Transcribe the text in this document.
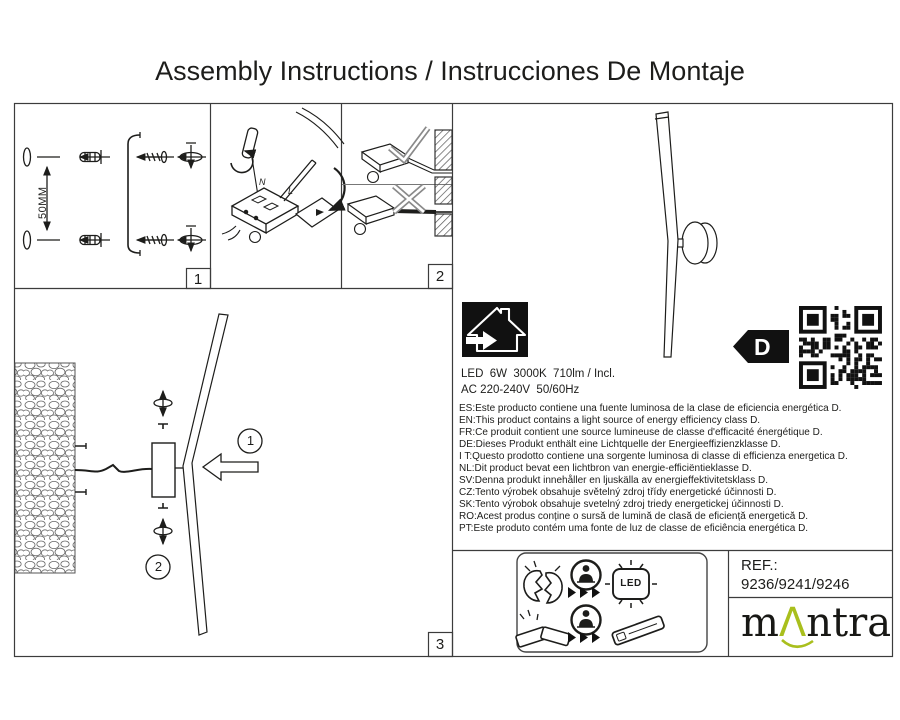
Assembly Instructions / Instrucciones De Montaje
50MM
1	2
3
N
L
1
2
LED  6W  3000K  710lm / Incl.
AC 220-240V  50/60Hz
ES:Este producto contiene una fuente luminosa de la clase de eficiencia energética D.
EN:This product contains a light source of energy efficiency class D.
FR:Ce produit contient une source lumineuse de classe d'efficacité énergétique D.
DE:Dieses Produkt enthält eine Lichtquelle der Energieeffizienzklasse D.
I T:Questo prodotto contiene una sorgente luminosa di classe di efficienza energetica D.
NL:Dit product bevat een lichtbron van energie-efficiëntieklasse D.
SV:Denna produkt innehåller en ljuskälla av energieffektivitetsklass D.
CZ:Tento výrobek obsahuje světelný zdroj třídy energetické účinnosti D.
SK:Tento výrobok obsahuje svetelný zdroj triedy energetickej účinnosti D.
RO:Acest produs conține o sursă de lumină de clasă de eficiență energetică D.
PT:Este produto contém uma fonte de luz de classe de eficiência energética D.
D
LED
REF.:
9236/9241/9246
mΛntra
